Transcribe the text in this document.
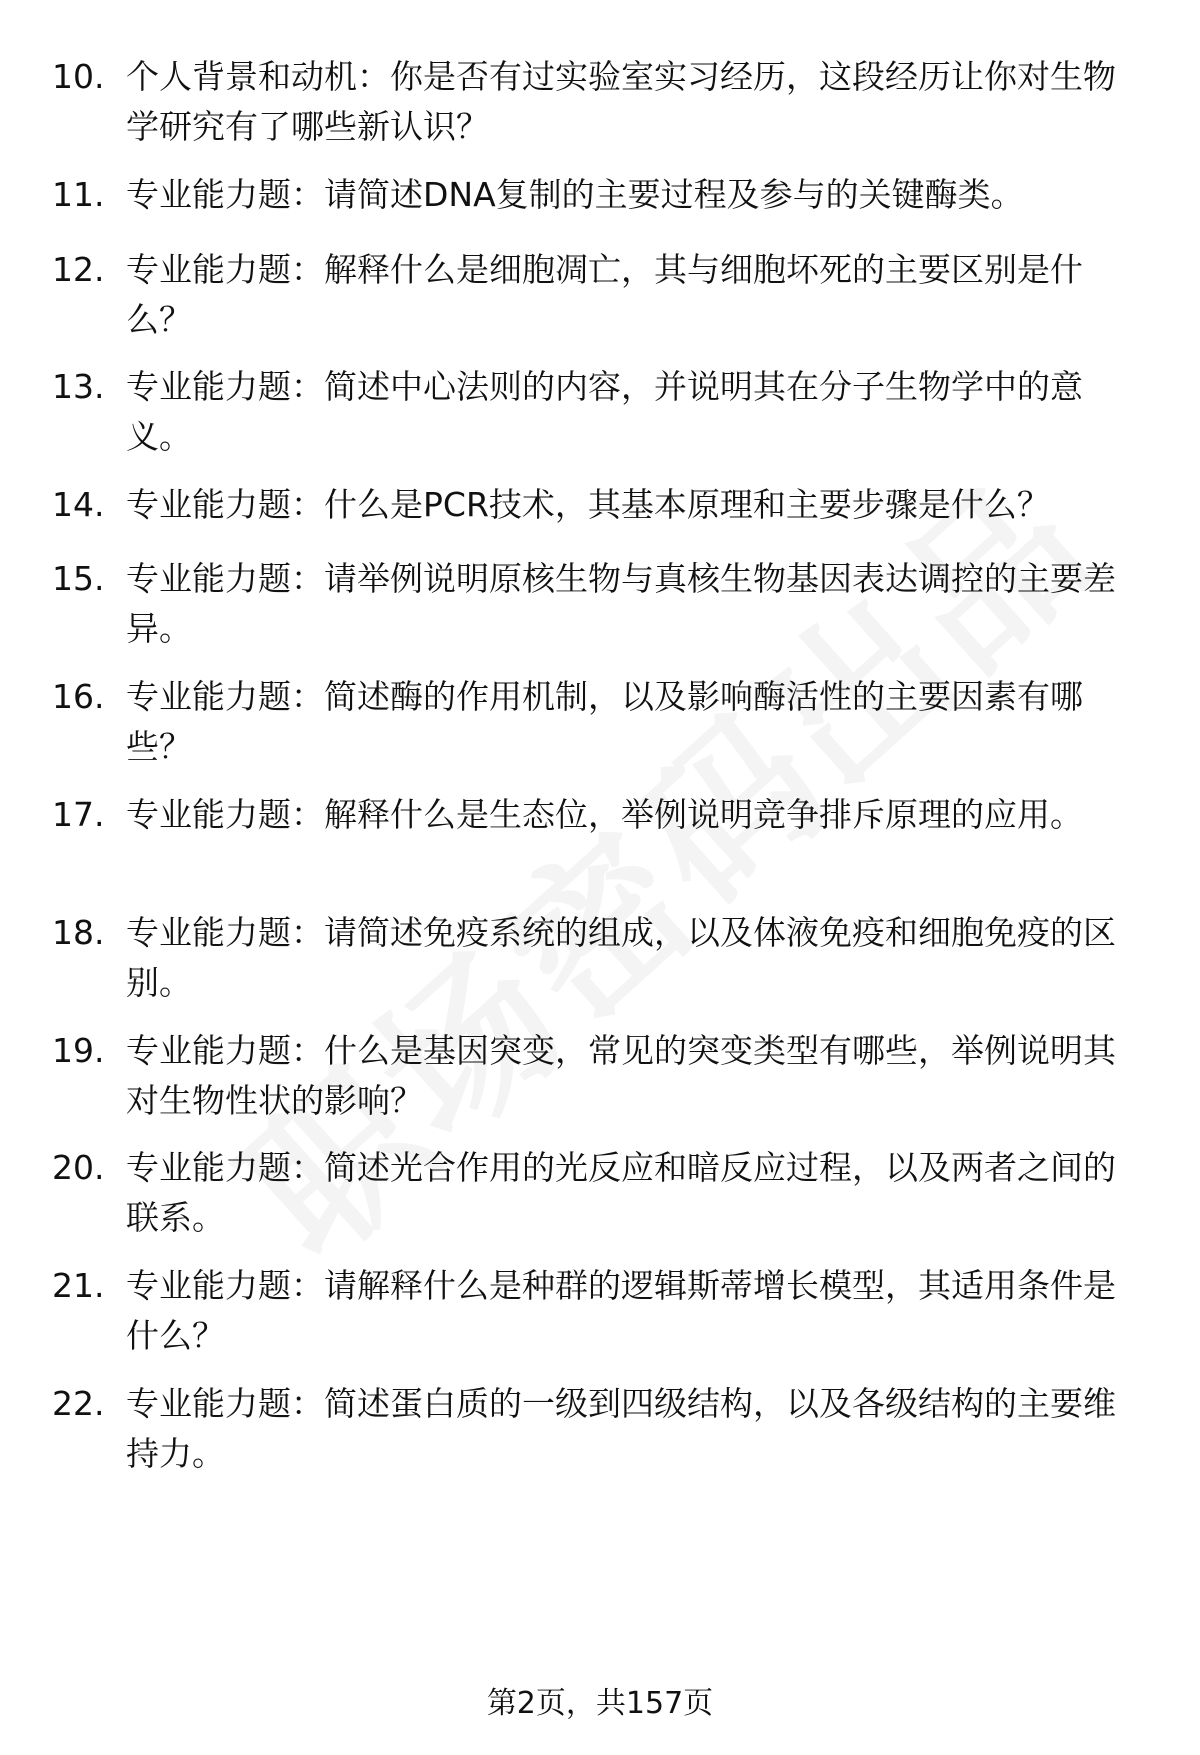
10. 个人背景和动机：你是否有过实验室实习经历，这段经历让你对生物学研究有了哪些新认识？
11. 专业能力题：请简述DNA复制的主要过程及参与的关键酶类。
12. 专业能力题：解释什么是细胞凋亡，其与细胞坏死的主要区别是什么？
13. 专业能力题：简述中心法则的内容，并说明其在分子生物学中的意义。
14. 专业能力题：什么是PCR技术，其基本原理和主要步骤是什么？
15. 专业能力题：请举例说明原核生物与真核生物基因表达调控的主要差异。
16. 专业能力题：简述酶的作用机制，以及影响酶活性的主要因素有哪些？
17. 专业能力题：解释什么是生态位，举例说明竞争排斥原理的应用。
18. 专业能力题：请简述免疫系统的组成，以及体液免疫和细胞免疫的区别。
19. 专业能力题：什么是基因突变，常见的突变类型有哪些，举例说明其对生物性状的影响？
20. 专业能力题：简述光合作用的光反应和暗反应过程，以及两者之间的联系。
21. 专业能力题：请解释什么是种群的逻辑斯蒂增长模型，其适用条件是什么？
22. 专业能力题：简述蛋白质的一级到四级结构，以及各级结构的主要维持力。
第2页，共157页
